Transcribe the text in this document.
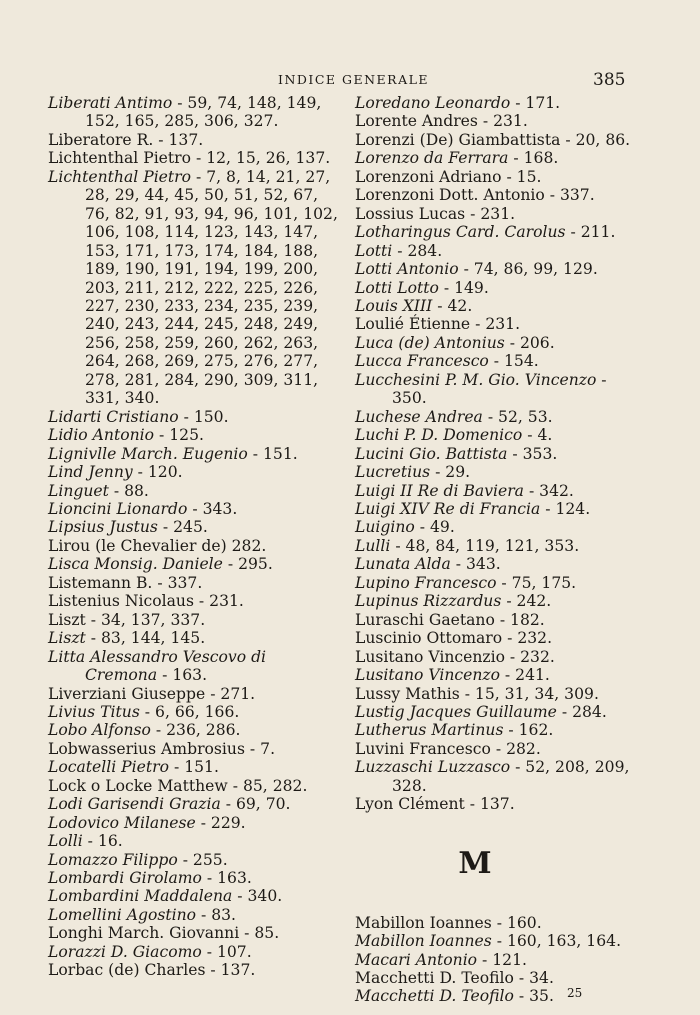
INDICE GENERALE	385
Liberati Antimo - 59, 74, 148, 149, 152, 165, 285, 306, 327.
Liberatore R. - 137.
Lichtenthal Pietro - 12, 15, 26, 137.
Lichtenthal Pietro - 7, 8, 14, 21, 27, 28, 29, 44, 45, 50, 51, 52, 67, 76, 82, 91, 93, 94, 96, 101, 102, 106, 108, 114, 123, 143, 147, 153, 171, 173, 174, 184, 188, 189, 190, 191, 194, 199, 200, 203, 211, 212, 222, 225, 226, 227, 230, 233, 234, 235, 239, 240, 243, 244, 245, 248, 249, 256, 258, 259, 260, 262, 263, 264, 268, 269, 275, 276, 277, 278, 281, 284, 290, 309, 311, 331, 340.
Lidarti Cristiano - 150.
Lidio Antonio - 125.
Lignivlle March. Eugenio - 151.
Lind Jenny - 120.
Linguet - 88.
Lioncini Lionardo - 343.
Lipsius Justus - 245.
Lirou (le Chevalier de) 282.
Lisca Monsig. Daniele - 295.
Listemann B. - 337.
Listenius Nicolaus - 231.
Liszt - 34, 137, 337.
Liszt - 83, 144, 145.
Litta Alessandro Vescovo di Cremona - 163.
Liverziani Giuseppe - 271.
Livius Titus - 6, 66, 166.
Lobo Alfonso - 236, 286.
Lobwasserius Ambrosius - 7.
Locatelli Pietro - 151.
Lock o Locke Matthew - 85, 282.
Lodi Garisendi Grazia - 69, 70.
Lodovico Milanese - 229.
Lolli - 16.
Lomazzo Filippo - 255.
Lombardi Girolamo - 163.
Lombardini Maddalena - 340.
Lomellini Agostino - 83.
Longhi March. Giovanni - 85.
Lorazzi D. Giacomo - 107.
Lorbac (de) Charles - 137.
Loredano Leonardo - 171.
Lorente Andres - 231.
Lorenzi (De) Giambattista - 20, 86.
Lorenzo da Ferrara - 168.
Lorenzoni Adriano - 15.
Lorenzoni Dott. Antonio - 337.
Lossius Lucas - 231.
Lotharingus Card. Carolus - 211.
Lotti - 284.
Lotti Antonio - 74, 86, 99, 129.
Lotti Lotto - 149.
Louis XIII - 42.
Loulié Étienne - 231.
Luca (de) Antonius - 206.
Lucca Francesco - 154.
Lucchesini P. M. Gio. Vincenzo - 350.
Luchese Andrea - 52, 53.
Luchi P. D. Domenico - 4.
Lucini Gio. Battista - 353.
Lucretius - 29.
Luigi II Re di Baviera - 342.
Luigi XIV Re di Francia - 124.
Luigino - 49.
Lulli - 48, 84, 119, 121, 353.
Lunata Alda - 343.
Lupino Francesco - 75, 175.
Lupinus Rizzardus - 242.
Luraschi Gaetano - 182.
Luscinio Ottomaro - 232.
Lusitano Vincenzio - 232.
Lusitano Vincenzo - 241.
Lussy Mathis - 15, 31, 34, 309.
Lustig Jacques Guillaume - 284.
Lutherus Martinus - 162.
Luvini Francesco - 282.
Luzzaschi Luzzasco - 52, 208, 209, 328.
Lyon Clément - 137.
M
Mabillon Ioannes - 160.
Mabillon Ioannes - 160, 163, 164.
Macari Antonio - 121.
Macchetti D. Teofilo - 34.
Macchetti D. Teofilo - 35.	25
